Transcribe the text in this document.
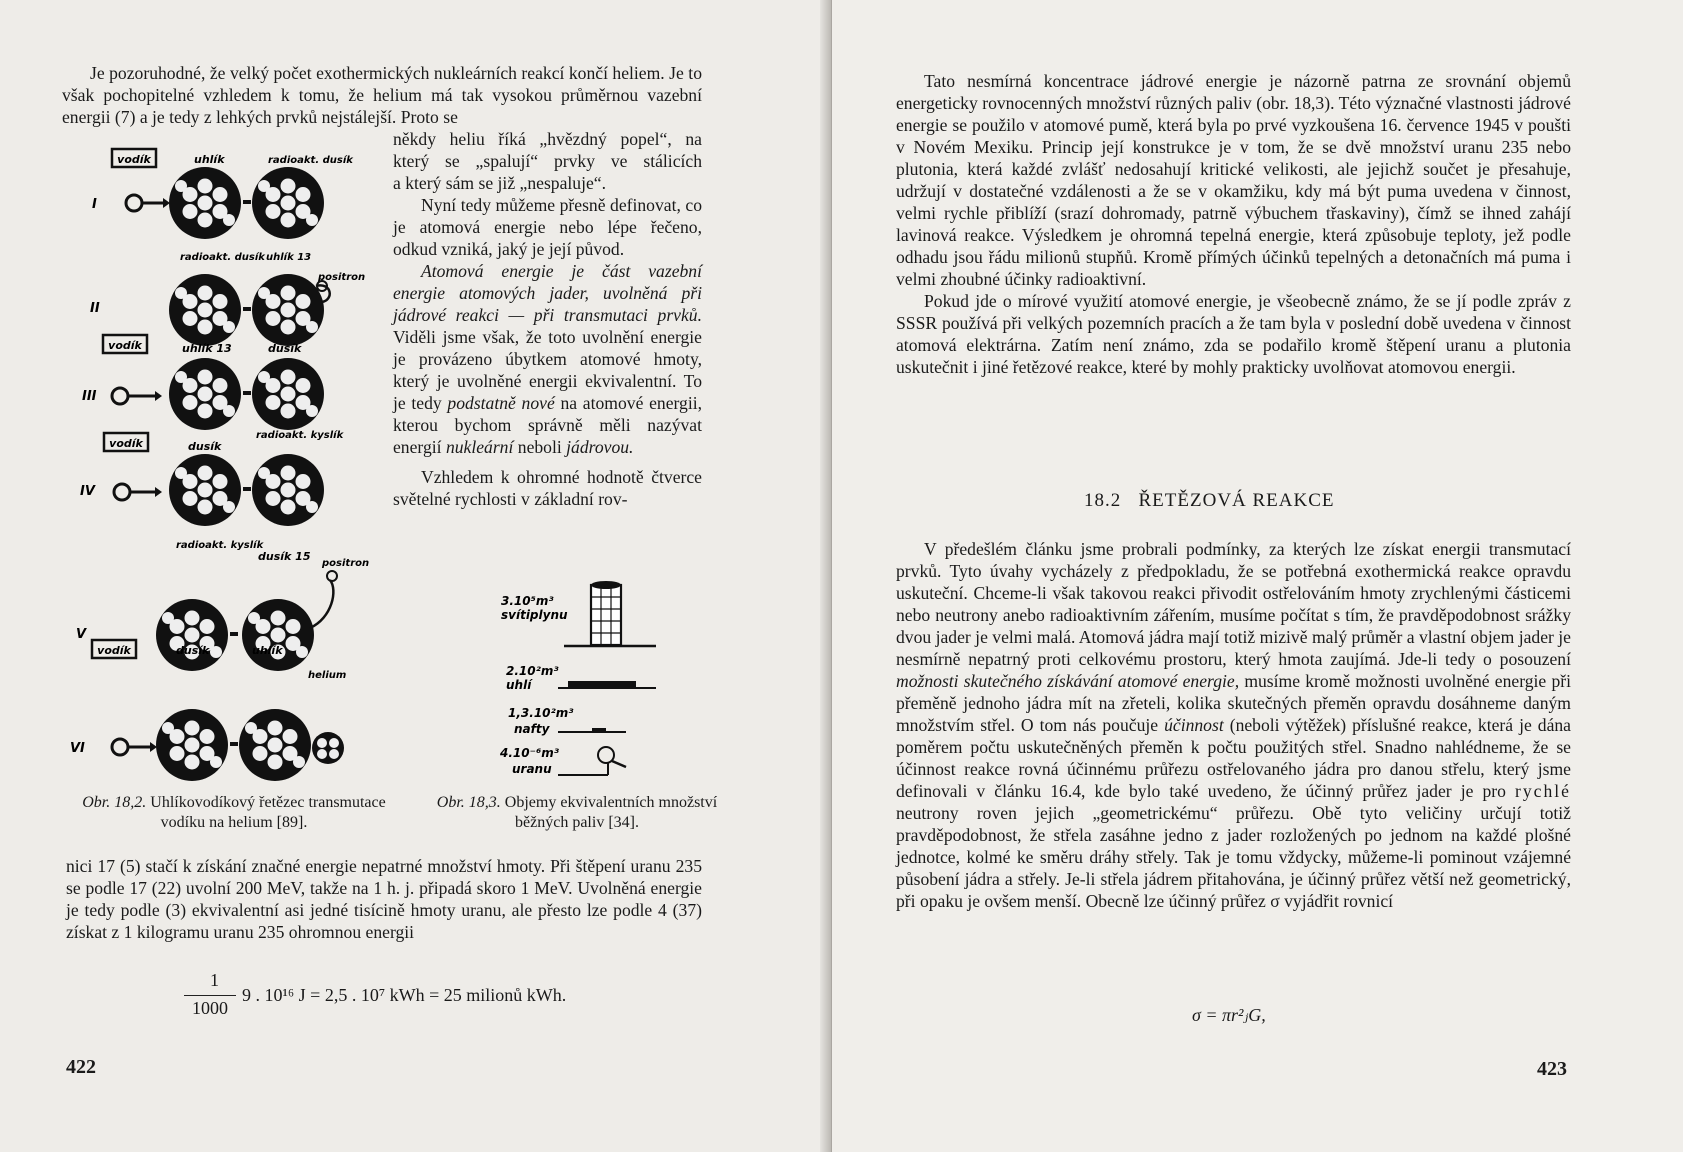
Je pozoruhodné, že velký počet exothermických nukleárních reakcí končí heliem. Je to však pochopitelné vzhledem k tomu, že helium má tak vysokou průměrnou vazební energii (7) a je tedy z lehkých prvků nejstálejší. Proto se

někdy heliu říká „hvězdný popel“, na

který se „spalují“ prvky ve stálicích

a který sám se již „nespaluje“.

Nyní tedy můžeme přesně definovat, co je atomová energie nebo lépe řečeno, odkud vzniká, jaký je její původ.

Atomová energie je část vazební energie atomových jader, uvolněná při jádrové reakci — při transmutaci prvků. Viděli jsme však, že toto uvolnění energie je provázeno úbytkem atomové hmoty, který je uvolněné energii ekvivalentní. To je tedy podstatně nové na atomové energii, kterou bychom správně měli nazývat energií nukleární neboli jádrovou.

Vzhledem k ohromné hodnotě čtverce světelné rychlosti v základní rov-

vodík	uhlík	radioakt. dusík
I
radioakt. dusík uhlík 13
positron
II
vodík	uhlík 13	dusík
III
vodík	dusík
radioakt. kyslík
IV
radioakt. kyslík
dusík 15
positron
V
vodík	dusík	uhlík
helium
VI
Obr. 18,2. Uhlíkovodíkový řetězec transmutace vodíku na helium [89].
3.10⁵m³
svítiplynu
2.10²m³
uhlí
1,3.10²m³
nafty
4.10⁻⁶m³
uranu
Obr. 18,3. Objemy ekvivalentních množství běžných paliv [34].

nici 17 (5) stačí k získání značné energie nepatrné množství hmoty. Při štěpení uranu 235 se podle 17 (22) uvolní 200 MeV, takže na 1 h. j. připadá skoro 1 MeV. Uvolněná energie je tedy podle (3) ekvivalentní asi jedné tisícině hmoty uranu, ale přesto lze podle 4 (37) získat z 1 kilogramu uranu 235 ohromnou energii

1
1000
9 . 10¹⁶ J = 2,5 . 10⁷ kWh = 25 milionů kWh.
422

Tato nesmírná koncentrace jádrové energie je názorně patrna ze srovnání objemů energeticky rovnocenných množství různých paliv (obr. 18,3). Této význačné vlastnosti jádrové energie se použilo v atomové pumě, která byla po prvé vyzkoušena 16. července 1945 v poušti v Novém Mexiku. Princip její konstrukce je v tom, že se dvě množství uranu 235 nebo plutonia, která každé zvlášť nedosahují kritické velikosti, ale jejichž součet je přesahuje, udržují v dostatečné vzdálenosti a že se v okamžiku, kdy má být puma uvedena v činnost, velmi rychle přiblíží (srazí dohromady, patrně výbuchem třaskaviny), čímž se ihned zahájí lavinová reakce. Výsledkem je ohromná tepelná energie, která způsobuje teploty, jež podle odhadu jsou řádu milionů stupňů. Kromě přímých účinků tepelných a detonačních má puma i velmi zhoubné účinky radioaktivní.

Pokud jde o mírové využití atomové energie, je všeobecně známo, že se jí podle zpráv z SSSR používá při velkých pozemních pracích a že tam byla v poslední době uvedena v činnost atomová elektrárna. Zatím není známo, zda se podařilo kromě štěpení uranu a plutonia uskutečnit i jiné řetězové reakce, které by mohly prakticky uvolňovat atomovou energii.

18.2 ŘETĚZOVÁ REAKCE

V předešlém článku jsme probrali podmínky, za kterých lze získat energii transmutací prvků. Tyto úvahy vycházely z předpokladu, že se potřebná exothermická reakce opravdu uskuteční. Chceme-li však takovou reakci přivodit ostřelováním hmoty zrychlenými částicemi nebo neutrony anebo radioaktivním zářením, musíme počítat s tím, že pravděpodobnost srážky dvou jader je velmi malá. Atomová jádra mají totiž mizivě malý průměr a vlastní objem jader je nesmírně nepatrný proti celkovému prostoru, který hmota zaujímá. Jde-li tedy o posouzení možnosti skutečného získávání atomové energie, musíme kromě možnosti uvolněné energie při přeměně jednoho jádra mít na zřeteli, kolika skutečných přeměn opravdu dosáhneme daným množstvím střel. O tom nás poučuje účinnost (neboli výtěžek) příslušné reakce, která je dána poměrem počtu uskutečněných přeměn k počtu použitých střel. Snadno nahlédneme, že se účinnost reakce rovná účinnému průřezu ostřelovaného jádra pro danou střelu, který jsme definovali v článku 16.4, kde bylo také uvedeno, že účinný průřez jader je pro rychlé neutrony roven jejich „geometrickému“ průřezu. Obě tyto veličiny určují totiž pravděpodobnost, že střela zasáhne jedno z jader rozložených po jednom na každé plošné jednotce, kolmé ke směru dráhy střely. Tak je tomu vždycky, můžeme-li pominout vzájemné působení jádra a střely. Je-li střela jádrem přitahována, je účinný průřez větší než geometrický, při opaku je ovšem menší. Obecně lze účinný průřez σ vyjádřit rovnicí

σ = πr²ⱼG,
423
